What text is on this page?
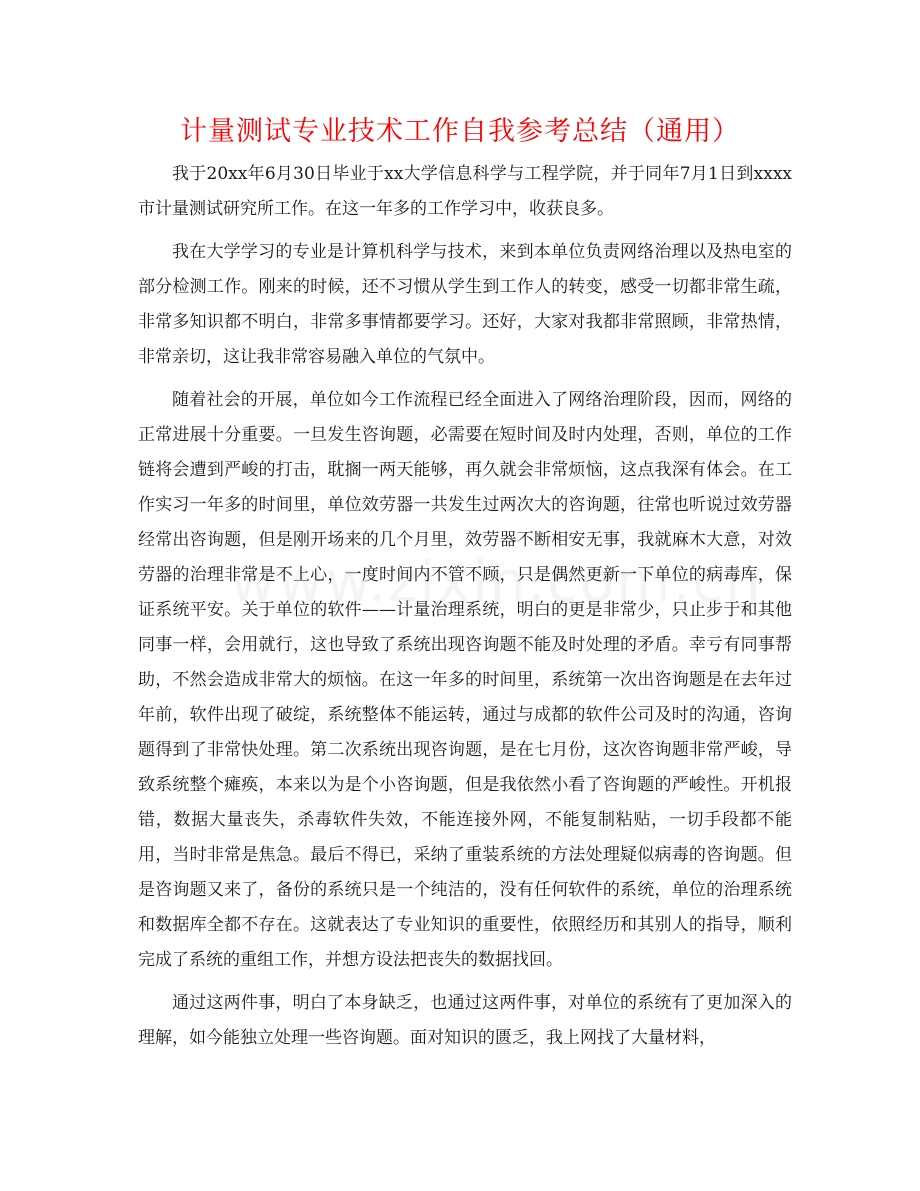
计量测试专业技术工作自我参考总结（通用）

我于20xx年6月30日毕业于xx大学信息科学与工程学院，并于同年7月1日到xxxx市计量测试研究所工作。在这一年多的工作学习中，收获良多。

我在大学学习的专业是计算机科学与技术，来到本单位负责网络治理以及热电室的部分检测工作。刚来的时候，还不习惯从学生到工作人的转变，感受一切都非常生疏，非常多知识都不明白，非常多事情都要学习。还好，大家对我都非常照顾，非常热情，非常亲切，这让我非常容易融入单位的气氛中。

随着社会的开展，单位如今工作流程已经全面进入了网络治理阶段，因而，网络的正常进展十分重要。一旦发生咨询题，必需要在短时间及时内处理，否则，单位的工作链将会遭到严峻的打击，耽搁一两天能够，再久就会非常烦恼，这点我深有体会。在工作实习一年多的时间里，单位效劳器一共发生过两次大的咨询题，往常也听说过效劳器经常出咨询题，但是刚开场来的几个月里，效劳器不断相安无事，我就麻木大意，对效劳器的治理非常是不上心，一度时间内不管不顾，只是偶然更新一下单位的病毒库，保证系统平安。关于单位的软件——计量治理系统，明白的更是非常少，只止步于和其他同事一样，会用就行，这也导致了系统出现咨询题不能及时处理的矛盾。幸亏有同事帮助，不然会造成非常大的烦恼。在这一年多的时间里，系统第一次出咨询题是在去年过年前，软件出现了破绽，系统整体不能运转，通过与成都的软件公司及时的沟通，咨询题得到了非常快处理。第二次系统出现咨询题，是在七月份，这次咨询题非常严峻，导致系统整个瘫痪，本来以为是个小咨询题，但是我依然小看了咨询题的严峻性。开机报错，数据大量丧失，杀毒软件失效，不能连接外网，不能复制粘贴，一切手段都不能用，当时非常是焦急。最后不得已，采纳了重装系统的方法处理疑似病毒的咨询题。但是咨询题又来了，备份的系统只是一个纯洁的，没有任何软件的系统，单位的治理系统和数据库全都不存在。这就表达了专业知识的重要性，依照经历和其别人的指导，顺利完成了系统的重组工作，并想方设法把丧失的数据找回。

通过这两件事，明白了本身缺乏，也通过这两件事，对单位的系统有了更加深入的理解，如今能独立处理一些咨询题。面对知识的匮乏，我上网找了大量材料，
